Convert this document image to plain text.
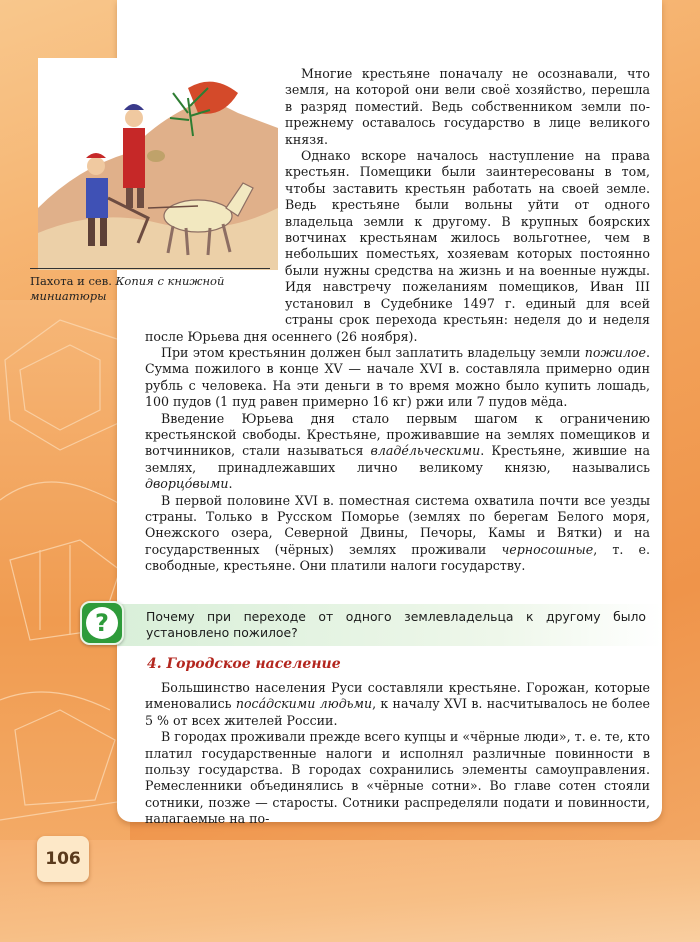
Пахота и сев. Копия с книжной миниатюры

Многие крестьяне поначалу не осознавали, что земля, на которой они вели своё хозяйство, перешла в разряд поместий. Ведь собственником земли по-прежнему оставалось государство в лице великого князя.

Однако вскоре началось наступление на права крестьян. Помещики были заинтересованы в том, чтобы заставить крестьян работать на своей земле. Ведь крестьяне были вольны уйти от одного владельца земли к другому. В крупных боярских вотчинах крестьянам жилось вольготнее, чем в небольших поместьях, хозяевам которых постоянно были нужны средства на жизнь и на военные нужды. Идя навстречу пожеланиям помещиков, Иван III установил в Судебнике 1497 г. единый для всей страны срок перехода крестьян: неделя до и неделя после Юрьева дня осеннего (26 ноября).

При этом крестьянин должен был заплатить владельцу земли пожилое. Сумма пожилого в конце XV — начале XVI в. составляла примерно один рубль с человека. На эти деньги в то время можно было купить лошадь, 100 пудов (1 пуд равен примерно 16 кг) ржи или 7 пудов мёда.

Введение Юрьева дня стало первым шагом к ограничению крестьянской свободы. Крестьяне, проживавшие на землях помещиков и вотчинников, стали называться владе́льческими. Крестьяне, жившие на землях, принадлежавших лично великому князю, назывались дворцо́выми.

В первой половине XVI в. поместная система охватила почти все уезды страны. Только в Русском Поморье (землях по берегам Белого моря, Онежского озера, Северной Двины, Печоры, Камы и Вятки) и на государственных (чёрных) землях проживали черносошные, т. е. свободные, крестьяне. Они платили налоги государству.

?	Почему при переходе от одного землевладельца к другому было установлено пожилое?
4. Городское население

Большинство населения Руси составляли крестьяне. Горожан, которые именовались поса́дскими людьми, к началу XVI в. насчитывалось не более 5 % от всех жителей России.

В городах проживали прежде всего купцы и «чёрные люди», т. е. те, кто платил государственные налоги и исполнял различные повинности в пользу государства. В городах сохранились элементы самоуправления. Ремесленники объединялись в «чёрные сотни». Во главе сотен стояли сотники, позже — старосты. Сотники распределяли подати и повинности, налагаемые на по-

106
